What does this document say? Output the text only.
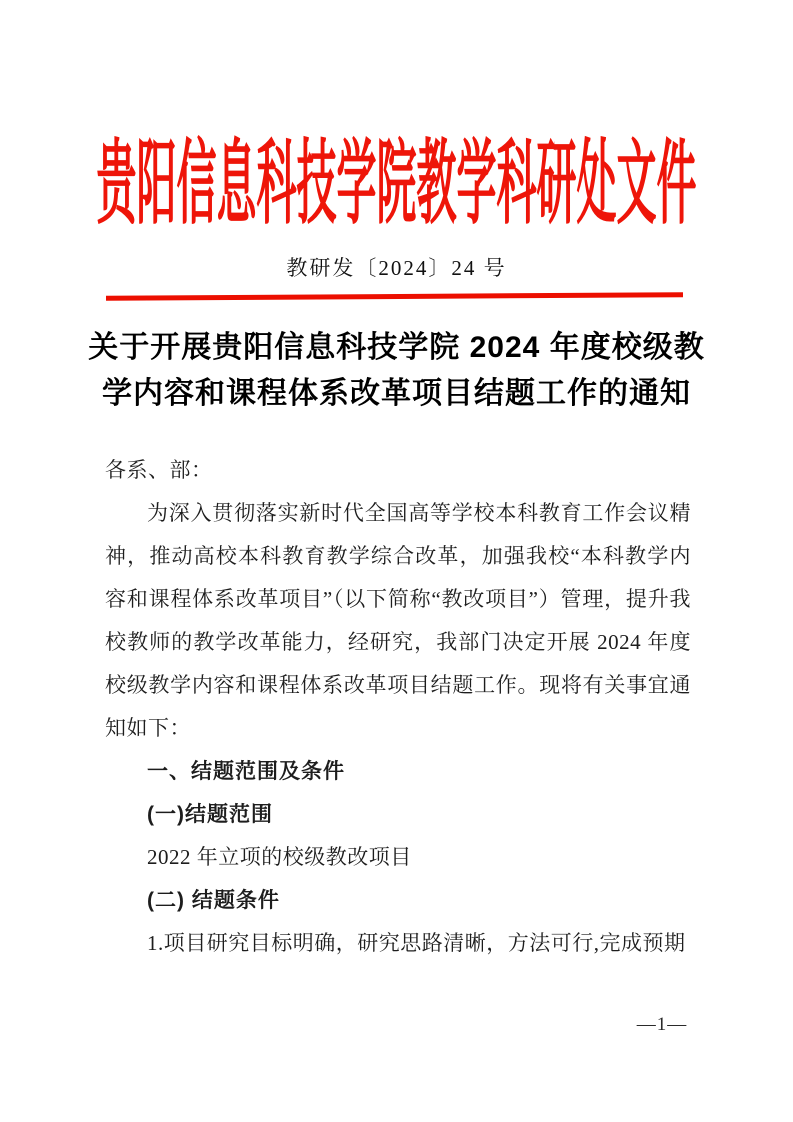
贵阳信息科技学院教学科研处文件
教研发〔2024〕24 号
关于开展贵阳信息科技学院 2024 年度校级教
学内容和课程体系改革项目结题工作的通知

各系、部：

为深入贯彻落实新时代全国高等学校本科教育工作会议精神，推动高校本科教育教学综合改革，加强我校“本科教学内容和课程体系改革项目”（以下简称“教改项目”）管理，提升我校教师的教学改革能力，经研究，我部门决定开展 2024 年度校级教学内容和课程体系改革项目结题工作。现将有关事宜通知如下：

一、结题范围及条件

(一)结题范围

2022 年立项的校级教改项目

(二) 结题条件

1.项目研究目标明确，研究思路清晰，方法可行,完成预期

—1—
